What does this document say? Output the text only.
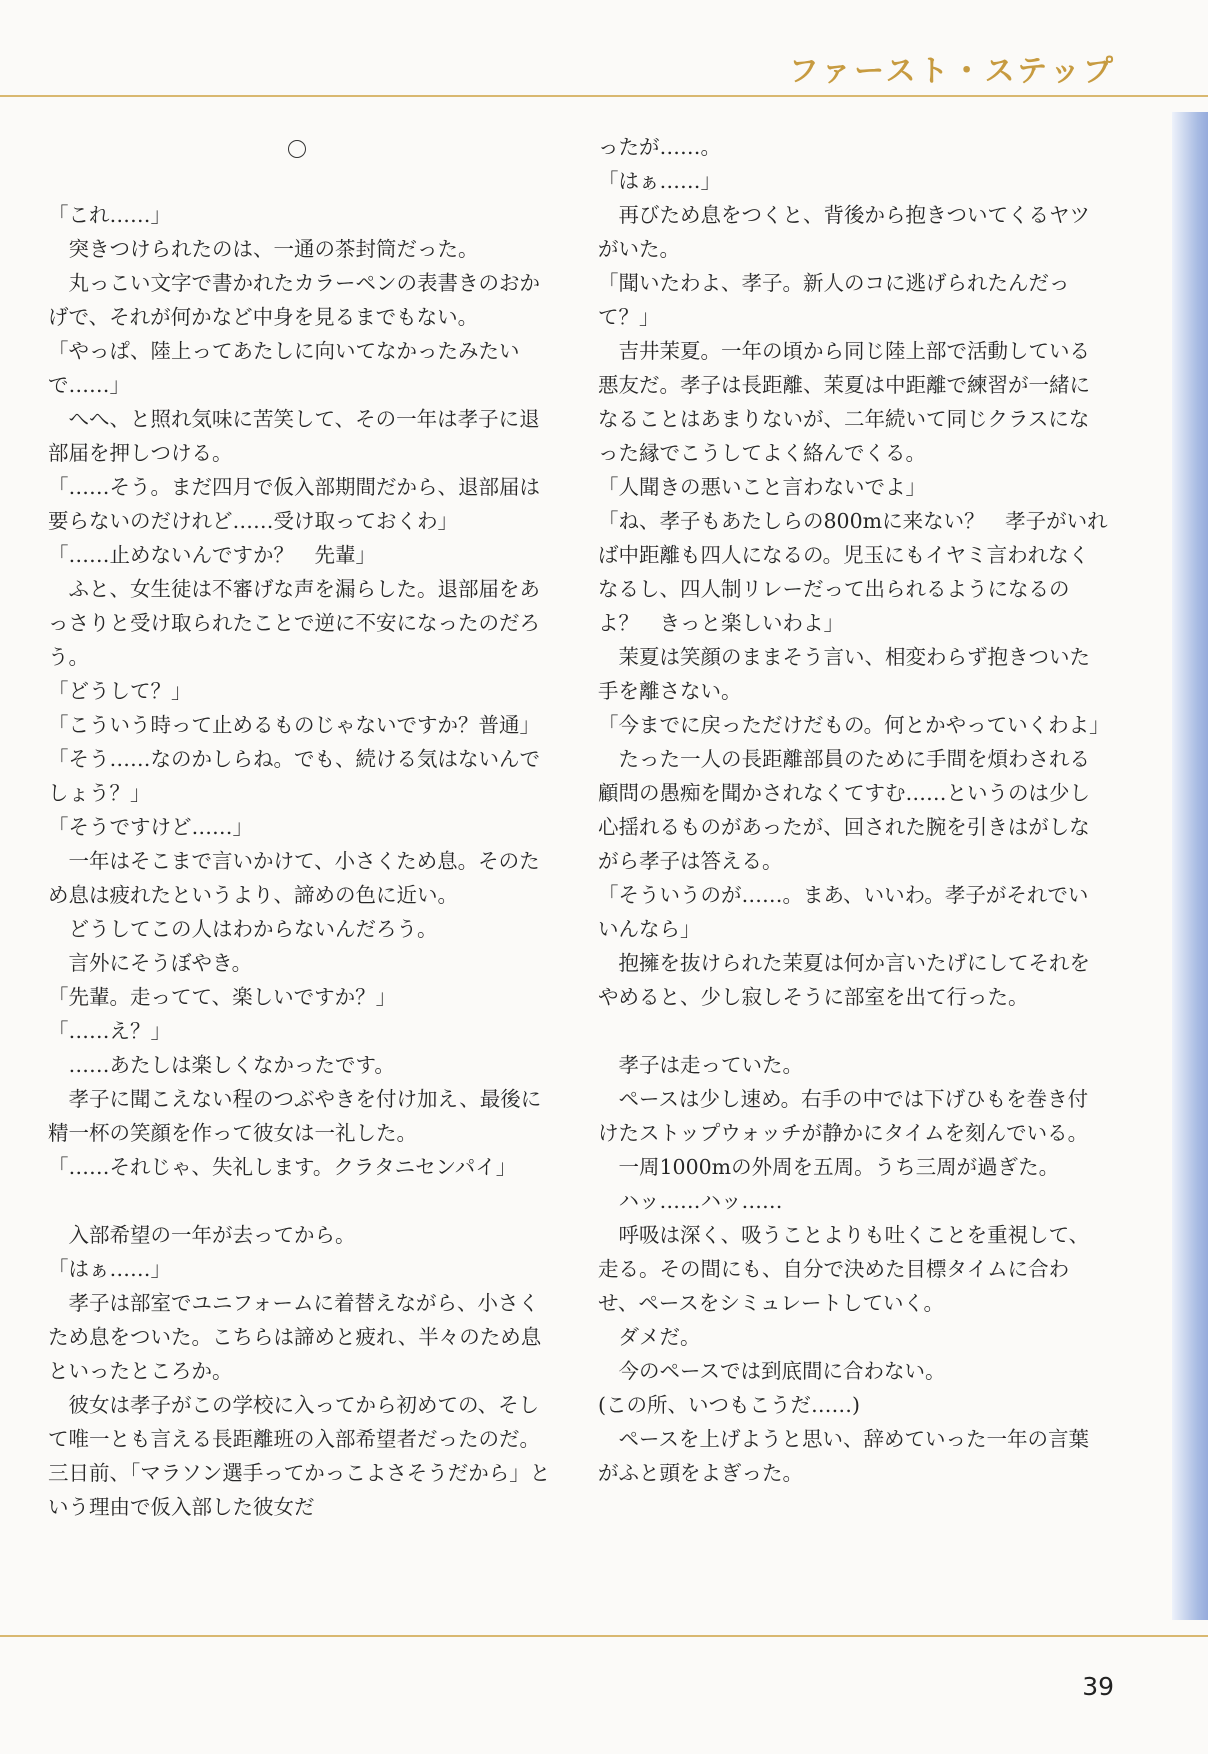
ファースト・ステップ

「これ……」

突きつけられたのは、一通の茶封筒だった。

丸っこい文字で書かれたカラーペンの表書きのおかげで、それが何かなど中身を見るまでもない。

「やっぱ、陸上ってあたしに向いてなかったみたいで……」

へへ、と照れ気味に苦笑して、その一年は孝子に退部届を押しつける。

「……そう。まだ四月で仮入部期間だから、退部届は要らないのだけれど……受け取っておくわ」

「……止めないんですか？　先輩」

ふと、女生徒は不審げな声を漏らした。退部届をあっさりと受け取られたことで逆に不安になったのだろう。

「どうして？」

「こういう時って止めるものじゃないですか？普通」

「そう……なのかしらね。でも、続ける気はないんでしょう？」

「そうですけど……」

一年はそこまで言いかけて、小さくため息。そのため息は疲れたというより、諦めの色に近い。

どうしてこの人はわからないんだろう。

言外にそうぼやき。

「先輩。走ってて、楽しいですか？」

「……え？」

……あたしは楽しくなかったです。

孝子に聞こえない程のつぶやきを付け加え、最後に精一杯の笑顔を作って彼女は一礼した。

「……それじゃ、失礼します。クラタニセンパイ」

入部希望の一年が去ってから。

「はぁ……」

孝子は部室でユニフォームに着替えながら、小さくため息をついた。こちらは諦めと疲れ、半々のため息といったところか。

彼女は孝子がこの学校に入ってから初めての、そして唯一とも言える長距離班の入部希望者だったのだ。三日前、「マラソン選手ってかっこよさそうだから」という理由で仮入部した彼女だ

ったが……。

「はぁ……」

再びため息をつくと、背後から抱きついてくるヤツがいた。

「聞いたわよ、孝子。新人のコに逃げられたんだって？」

吉井茉夏。一年の頃から同じ陸上部で活動している悪友だ。孝子は長距離、茉夏は中距離で練習が一緒になることはあまりないが、二年続いて同じクラスになった縁でこうしてよく絡んでくる。

「人聞きの悪いこと言わないでよ」

「ね、孝子もあたしらの800mに来ない？　孝子がいれば中距離も四人になるの。児玉にもイヤミ言われなくなるし、四人制リレーだって出られるようになるのよ？　きっと楽しいわよ」

茉夏は笑顔のままそう言い、相変わらず抱きついた手を離さない。

「今までに戻っただけだもの。何とかやっていくわよ」

たった一人の長距離部員のために手間を煩わされる顧問の愚痴を聞かされなくてすむ……というのは少し心揺れるものがあったが、回された腕を引きはがしながら孝子は答える。

「そういうのが……。まあ、いいわ。孝子がそれでいいんなら」

抱擁を抜けられた茉夏は何か言いたげにしてそれをやめると、少し寂しそうに部室を出て行った。

孝子は走っていた。

ペースは少し速め。右手の中では下げひもを巻き付けたストップウォッチが静かにタイムを刻んでいる。

一周1000mの外周を五周。うち三周が過ぎた。

ハッ……ハッ……

呼吸は深く、吸うことよりも吐くことを重視して、走る。その間にも、自分で決めた目標タイムに合わせ、ペースをシミュレートしていく。

ダメだ。

今のペースでは到底間に合わない。

(この所、いつもこうだ……)

ペースを上げようと思い、辞めていった一年の言葉がふと頭をよぎった。

39
